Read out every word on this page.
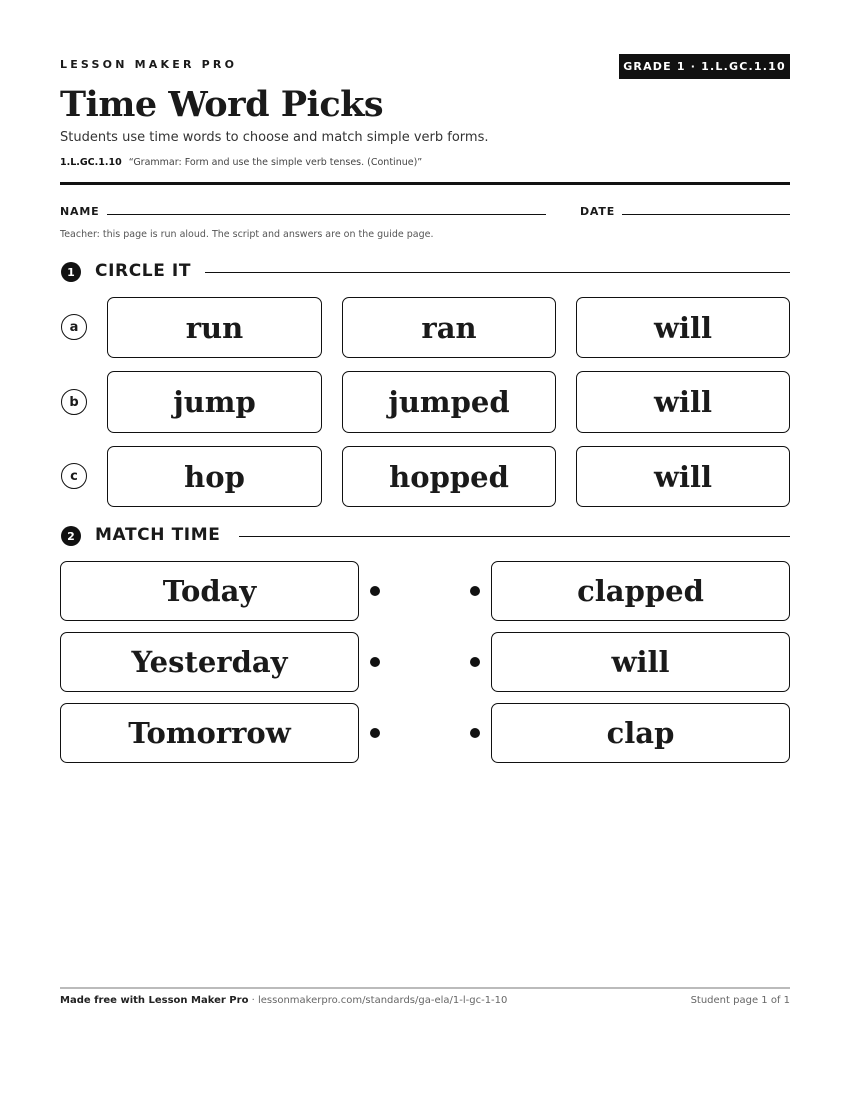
LESSON MAKER PRO	GRADE 1 · 1.L.GC.1.10
Time Word Picks
Students use time words to choose and match simple verb forms.
1.L.GC.1.10 “Grammar: Form and use the simple verb tenses. (Continue)”
NAME	DATE
Teacher: this page is run aloud. The script and answers are on the guide page.
1	CIRCLE IT
a	run	ran	will
b	jump	jumped	will
c	hop	hopped	will
2	MATCH TIME
Today	clapped
Yesterday	will
Tomorrow	clap
Made free with Lesson Maker Pro · lessonmakerpro.com/standards/ga-ela/1-l-gc-1-10	Student page 1 of 1
